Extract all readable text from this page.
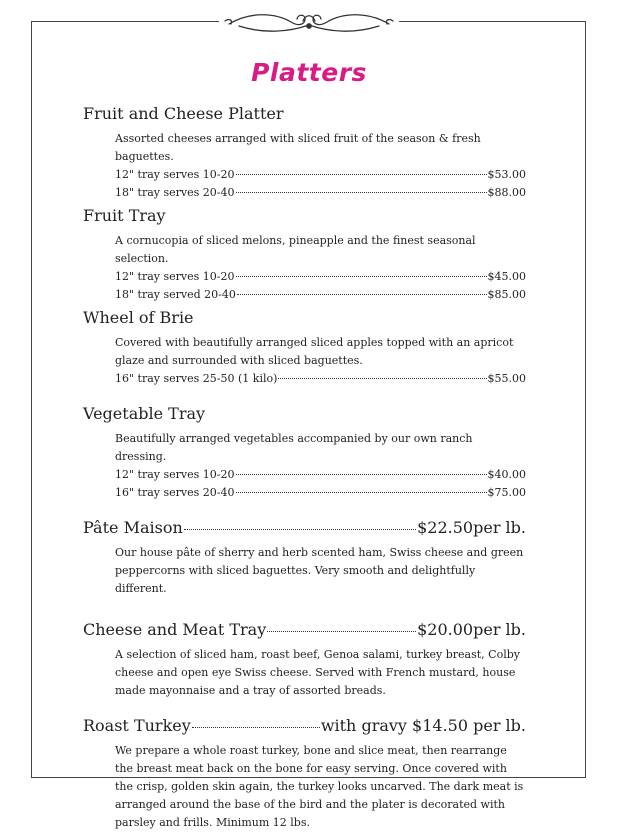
Platters
Fruit and Cheese Platter

Assorted cheeses arranged with sliced fruit of the season & fresh baguettes.

12" tray serves 10-20	$53.00
18" tray serves 20-40	$88.00
Fruit Tray

A cornucopia of sliced melons, pineapple and the finest seasonal selection.

12" tray serves 10-20	$45.00
18" tray served 20-40	$85.00
Wheel of Brie

Covered with beautifully arranged sliced apples topped with an apricot glaze and surrounded with sliced baguettes.

16" tray serves 25-50 (1 kilo)	$55.00
Vegetable Tray

Beautifully arranged vegetables accompanied by our own ranch dressing.

12" tray serves 10-20	$40.00
16" tray serves 20-40	$75.00
Pâte Maison	$22.50per lb.

Our house pâte of sherry and herb scented ham, Swiss cheese and green peppercorns with sliced baguettes. Very smooth and delightfully different.

Cheese and Meat Tray	$20.00per lb.

A selection of sliced ham, roast beef, Genoa salami, turkey breast, Colby cheese and open eye Swiss cheese. Served with French mustard, house made mayonnaise and a tray of assorted breads.

Roast Turkey	with gravy $14.50 per lb.

We prepare a whole roast turkey, bone and slice meat, then rearrange the breast meat back on the bone for easy serving. Once covered with the crisp, golden skin again, the turkey looks uncarved. The dark meat is arranged around the base of the bird and the plater is decorated with parsley and frills. Minimum 12 lbs.
